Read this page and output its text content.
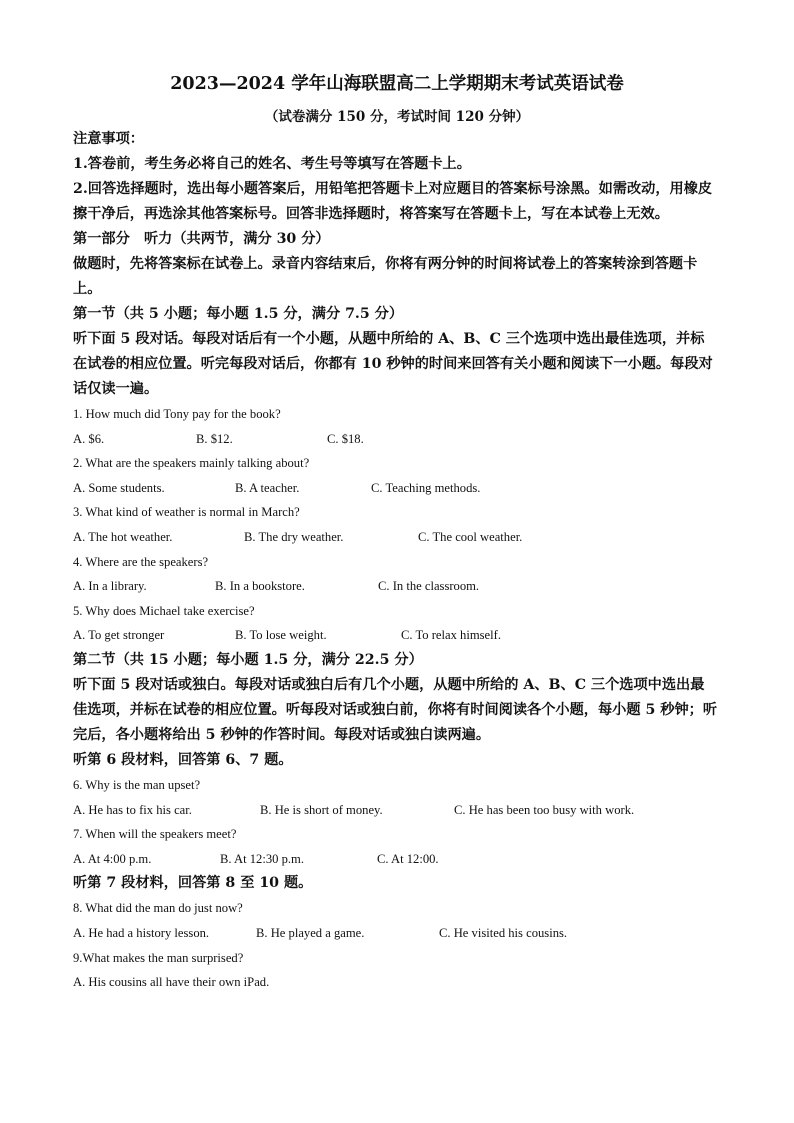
2023—2024 学年山海联盟高二上学期期末考试英语试卷
（试卷满分 150 分，考试时间 120 分钟）

注意事项：

1.答卷前，考生务必将自己的姓名、考生号等填写在答题卡上。

2.回答选择题时，选出每小题答案后，用铅笔把答题卡上对应题目的答案标号涂黑。如需改动，用橡皮擦干净后，再选涂其他答案标号。回答非选择题时，将答案写在答题卡上，写在本试卷上无效。

第一部分　听力（共两节，满分 30 分）

做题时，先将答案标在试卷上。录音内容结束后，你将有两分钟的时间将试卷上的答案转涂到答题卡上。

第一节（共 5 小题；每小题 1.5 分，满分 7.5 分）

听下面 5 段对话。每段对话后有一个小题，从题中所给的 A、B、C 三个选项中选出最佳选项，并标在试卷的相应位置。听完每段对话后，你都有 10 秒钟的时间来回答有关小题和阅读下一小题。每段对话仅读一遍。

1. How much did Tony pay for the book?

A. $6.	B. $12.	C. $18.

2. What are the speakers mainly talking about?

A. Some students.	B. A teacher.	C. Teaching methods.

3. What kind of weather is normal in March?

A. The hot weather.	B. The dry weather.	C. The cool weather.

4. Where are the speakers?

A. In a library.	B. In a bookstore.	C. In the classroom.

5. Why does Michael take exercise?

A. To get stronger	B. To lose weight.	C. To relax himself.

第二节（共 15 小题；每小题 1.5 分，满分 22.5 分）

听下面 5 段对话或独白。每段对话或独白后有几个小题，从题中所给的 A、B、C 三个选项中选出最佳选项，并标在试卷的相应位置。听每段对话或独白前，你将有时间阅读各个小题，每小题 5 秒钟；听完后，各小题将给出 5 秒钟的作答时间。每段对话或独白读两遍。

听第 6 段材料，回答第 6、7 题。

6. Why is the man upset?

A. He has to fix his car.	B. He is short of money.	C. He has been too busy with work.

7. When will the speakers meet?

A. At 4:00 p.m.	B. At 12:30 p.m.	C. At 12:00.

听第 7 段材料，回答第 8 至 10 题。

8. What did the man do just now?

A. He had a history lesson.	B. He played a game.	C. He visited his cousins.

9.What makes the man surprised?

A. His cousins all have their own iPad.
